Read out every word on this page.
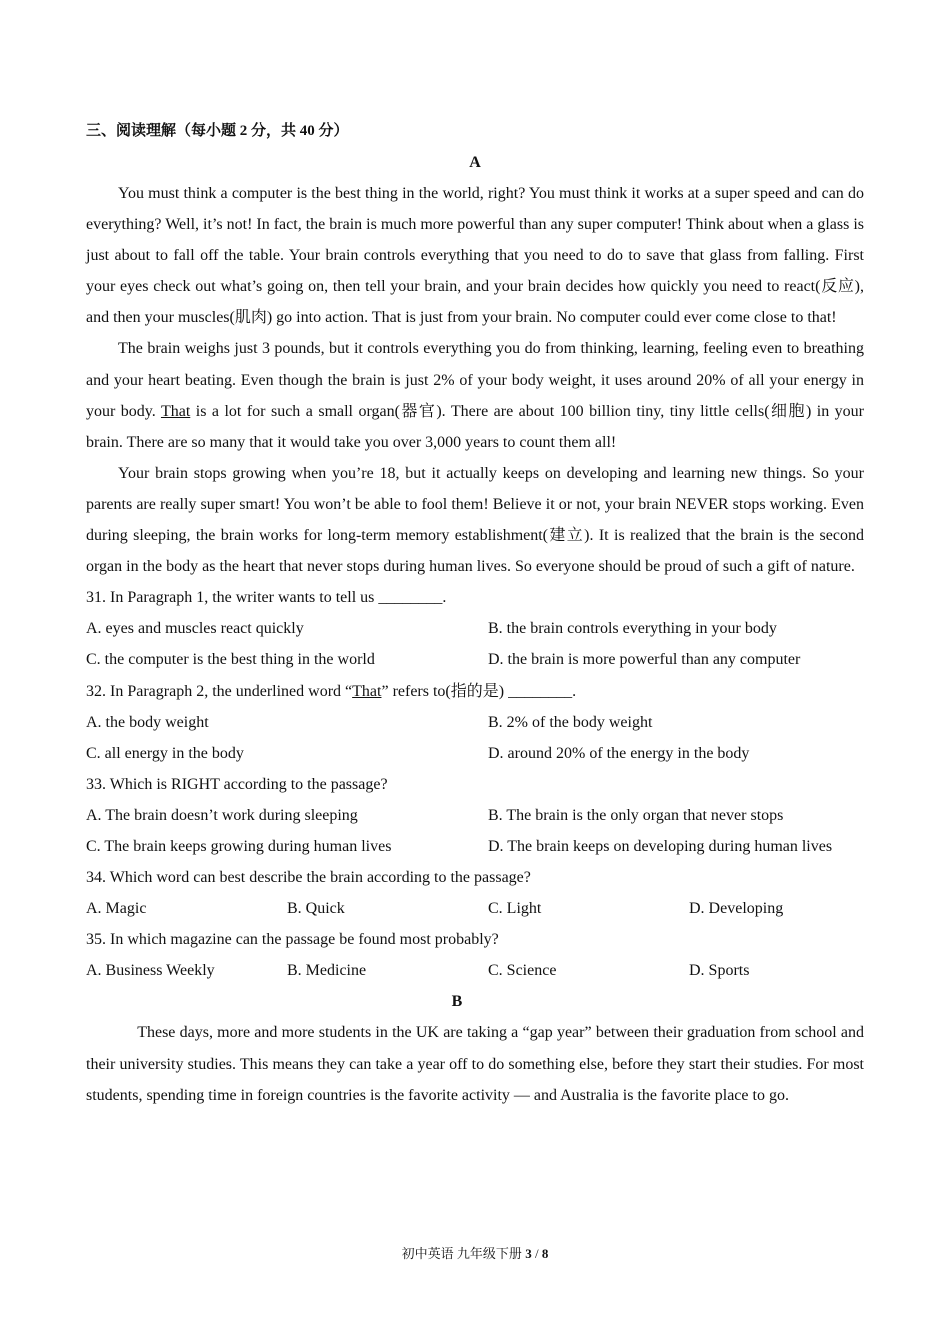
三、阅读理解（每小题 2 分，共 40 分）
A

You must think a computer is the best thing in the world, right? You must think it works at a super speed and can do everything? Well, it’s not! In fact, the brain is much more powerful than any super computer! Think about when a glass is just about to fall off the table. Your brain controls everything that you need to do to save that glass from falling. First your eyes check out what’s going on, then tell your brain, and your brain decides how quickly you need to react(反应), and then your muscles(肌肉) go into action. That is just from your brain. No computer could ever come close to that!

The brain weighs just 3 pounds, but it controls everything you do from thinking, learning, feeling even to breathing and your heart beating. Even though the brain is just 2% of your body weight, it uses around 20% of all your energy in your body. That is a lot for such a small organ(器官). There are about 100 billion tiny, tiny little cells(细胞) in your brain. There are so many that it would take you over 3,000 years to count them all!

Your brain stops growing when you’re 18, but it actually keeps on developing and learning new things. So your parents are really super smart! You won’t be able to fool them! Believe it or not, your brain NEVER stops working. Even during sleeping, the brain works for long-term memory establishment(建立). It is realized that the brain is the second organ in the body as the heart that never stops during human lives. So everyone should be proud of such a gift of nature.

31. In Paragraph 1, the writer wants to tell us ________.
A. eyes and muscles react quickly	B. the brain controls everything in your body
C. the computer is the best thing in the world	D. the brain is more powerful than any computer
32. In Paragraph 2, the underlined word “That” refers to(指的是) ________.
A. the body weight	B. 2% of the body weight
C. all energy in the body	D. around 20% of the energy in the body
33. Which is RIGHT according to the passage?
A. The brain doesn’t work during sleeping	B. The brain is the only organ that never stops
C. The brain keeps growing during human lives	D. The brain keeps on developing during human lives
34. Which word can best describe the brain according to the passage?
A. Magic	B. Quick	C. Light	D. Developing
35. In which magazine can the passage be found most probably?
A. Business Weekly	B. Medicine	C. Science	D. Sports
B

These days, more and more students in the UK are taking a “gap year” between their graduation from school and their university studies. This means they can take a year off to do something else, before they start their studies. For most students, spending time in foreign countries is the favorite activity — and Australia is the favorite place to go.

初中英语 九年级下册 3 / 8
